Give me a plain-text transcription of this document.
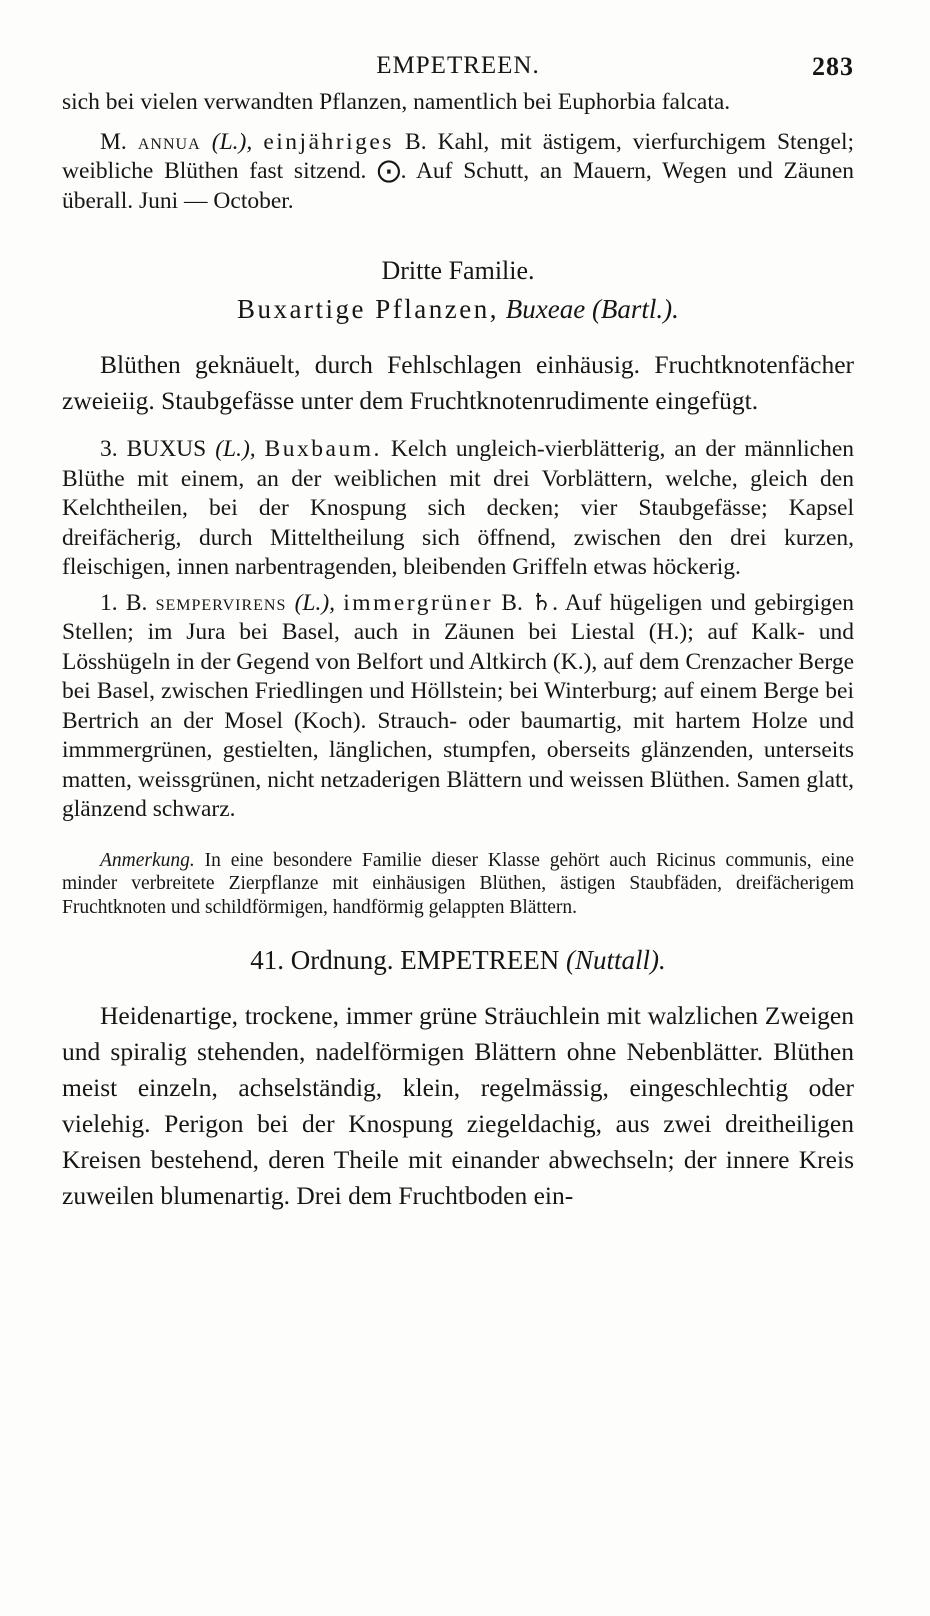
EMPETREEN.	283

sich bei vielen verwandten Pflanzen, namentlich bei Euphorbia falcata.

M. annua (L.), einjähriges B. Kahl, mit ästigem, vierfurchigem Stengel; weibliche Blüthen fast sitzend. ⨀. Auf Schutt, an Mauern, Wegen und Zäunen überall. Juni — October.

Dritte Familie.
Buxartige Pflanzen, Buxeae (Bartl.).

Blüthen geknäuelt, durch Fehlschlagen einhäusig. Fruchtknotenfächer zweieiig. Staubgefässe unter dem Fruchtknotenrudimente eingefügt.

3. BUXUS (L.), Buxbaum. Kelch ungleich-vierblätterig, an der männlichen Blüthe mit einem, an der weiblichen mit drei Vorblättern, welche, gleich den Kelchtheilen, bei der Knospung sich decken; vier Staubgefässe; Kapsel dreifächerig, durch Mitteltheilung sich öffnend, zwischen den drei kurzen, fleischigen, innen narbentragenden, bleibenden Griffeln etwas höckerig.

1. B. sempervirens (L.), immergrüner B. ♄. Auf hügeligen und gebirgigen Stellen; im Jura bei Basel, auch in Zäunen bei Liestal (H.); auf Kalk- und Lösshügeln in der Gegend von Belfort und Altkirch (K.), auf dem Crenzacher Berge bei Basel, zwischen Friedlingen und Höllstein; bei Winterburg; auf einem Berge bei Bertrich an der Mosel (Koch). Strauch- oder baumartig, mit hartem Holze und immmergrünen, gestielten, länglichen, stumpfen, oberseits glänzenden, unterseits matten, weissgrünen, nicht netzaderigen Blättern und weissen Blüthen. Samen glatt, glänzend schwarz.

Anmerkung. In eine besondere Familie dieser Klasse gehört auch Ricinus communis, eine minder verbreitete Zierpflanze mit einhäusigen Blüthen, ästigen Staubfäden, dreifächerigem Fruchtknoten und schildförmigen, handförmig gelappten Blättern.

41. Ordnung. EMPETREEN (Nuttall).

Heidenartige, trockene, immer grüne Sträuchlein mit walzlichen Zweigen und spiralig stehenden, nadelförmigen Blättern ohne Nebenblätter. Blüthen meist einzeln, achselständig, klein, regelmässig, eingeschlechtig oder vielehig. Perigon bei der Knospung ziegeldachig, aus zwei dreitheiligen Kreisen bestehend, deren Theile mit einander abwechseln; der innere Kreis zuweilen blumenartig. Drei dem Fruchtboden ein-
